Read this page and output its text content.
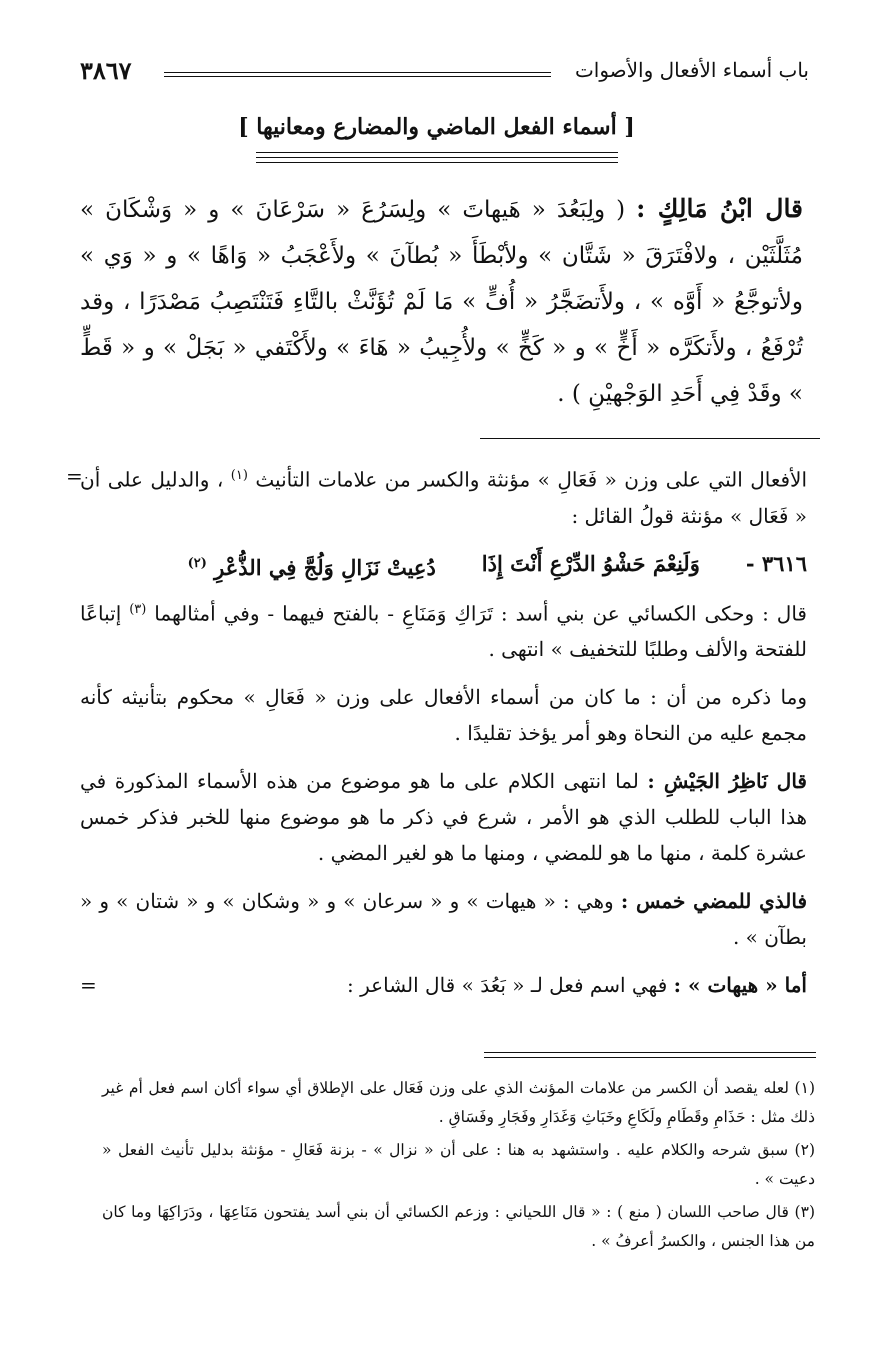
باب أسماء الأفعال والأصوات
٣٨٦٧
[ أسماء الفعل الماضي والمضارع ومعانيها ]
قال ابْنُ مَالِكٍ : ( ولِبَعُدَ « هَيهاتَ » ولِسَرُعَ « سَرْعَانَ » و « وَشْكَانَ » مُثَلَّثَيْن ، ولافْتَرَقَ « شَتَّان » ولأبْطَأَ « بُطآنَ » ولأَعْجَبُ « وَاهًا » و « وَي » ولأتوجَّعُ « أَوَّه » ، ولأَتضَجَّرُ « أُفٍّ » مَا لَمْ تُؤَنَّثْ بالتَّاءِ فَتَنْتَصِبُ مَصْدَرًا ، وقد تُرْفَعُ ، ولأَتكَرَّه « أَخٍّ » و « كَخٍّ » ولأُجِيبُ « هَاءَ » ولأَكْتَفي « بَجَلْ » و « قَطٍّ » وقَدْ فِي أَحَدِ الوَجْهيْنِ ) .

=	الأفعال التي على وزن « فَعَالِ » مؤنثة والكسر من علامات التأنيث $^{(١)}$ ، والدليل على أن « فَعَال » مؤنثة قولُ القائل :

٣٦١٦ -
وَلَنِعْمَ حَشْوُ الدِّرْعِ أَنْتَ إِذَا
دُعِيتْ نَزَالِ وَلُجَّ فِي الذُّعْرِ $^{(٢)}$

قال : وحكى الكسائي عن بني أسد : تَرَاكِ وَمَنَاعِ - بالفتح فيهما - وفي أمثالهما $^{(٣)}$ إتباعًا للفتحة والألف وطلبًا للتخفيف » انتهى .

وما ذكره من أن : ما كان من أسماء الأفعال على وزن « فَعَالِ » محكوم بتأنيثه كأنه مجمع عليه من النحاة وهو أمر يؤخذ تقليدًا .

قال نَاظِرُ الجَيْشِ : لما انتهى الكلام على ما هو موضوع من هذه الأسماء المذكورة في هذا الباب للطلب الذي هو الأمر ، شرع في ذكر ما هو موضوع منها للخبر فذكر خمس عشرة كلمة ، منها ما هو للمضي ، ومنها ما هو لغير المضي .

فالذي للمضي خمس : وهي : « هيهات » و « سرعان » و « وشكان » و « شتان » و « بطآن » .

أما « هيهات » : فهي اسم فعل لـ « بَعُدَ » قال الشاعر :
=

(١) لعله يقصد أن الكسر من علامات المؤنث الذي على وزن فَعَال على الإطلاق أي سواء أكان اسم فعل أم غير ذلك مثل : حَذَامِ وقَطَامِ ولَكَاعِ وخَبَاثِ وَغَدَارِ وفَجَارِ وفَسَاقِ .

(٢) سبق شرحه والكلام عليه . واستشهد به هنا : على أن « نزال » - بزنة فَعَالِ - مؤنثة بدليل تأنيث الفعل « دعيت » .

(٣) قال صاحب اللسان ( منع ) : « قال اللحياني : وزعم الكسائي أن بني أسد يفتحون مَنَاعِهَا ، ودَرَاكِهَا وما كان من هذا الجنس ، والكسرُ أعرفُ » .
